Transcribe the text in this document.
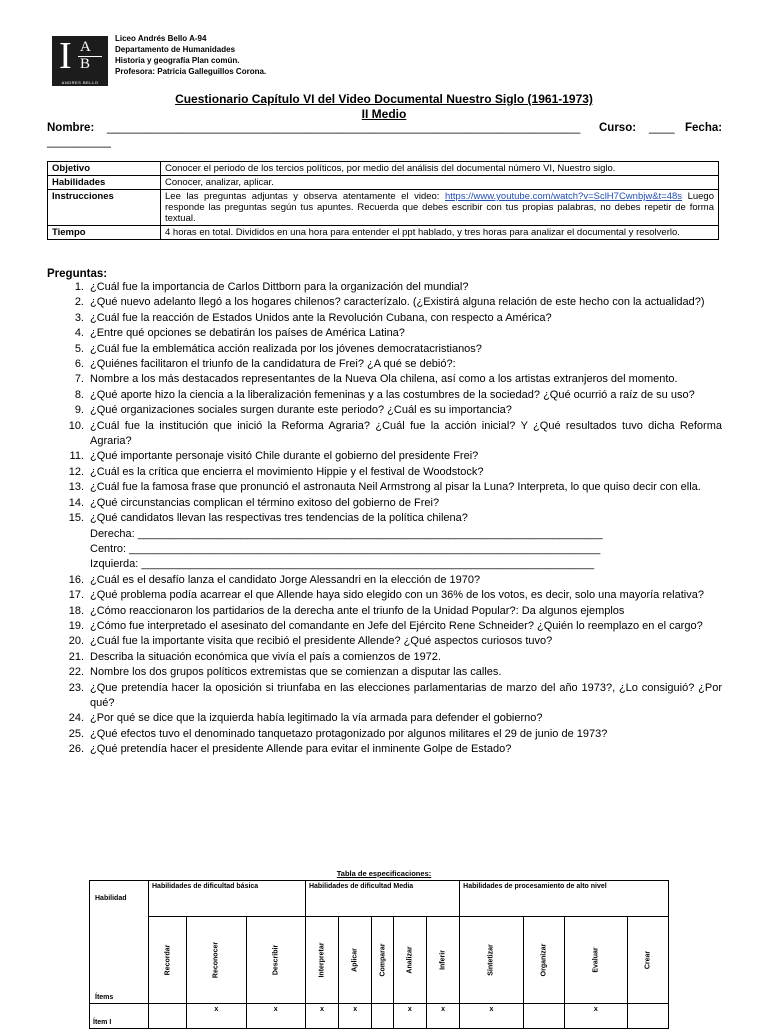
I A
B
ANDRES BELLO
Liceo Andrés Bello A-94
Departamento de Humanidades
Historia y geografía Plan común.
Profesora: Patricia Galleguillos Corona.
Cuestionario Capítulo VI del Video Documental Nuestro Siglo (1961-1973)
II Medio
Nombre: __________________________________________________________________________ Curso: ____ Fecha:
__________
Objetivo	Conocer el periodo de los tercios políticos, por medio del análisis del documental número VI, Nuestro siglo.
Habilidades	Conocer, analizar, aplicar.
Instrucciones	Lee las preguntas adjuntas y observa atentamente el video: https://www.youtube.com/watch?v=SclH7Cwnbjw&t=48s Luego responde las preguntas según tus apuntes. Recuerda que debes escribir con tus propias palabras, no debes repetir de forma textual.
Tiempo	4 horas en total. Divididos en una hora para entender el ppt hablado, y tres horas para analizar el documental y resolverlo.
Preguntas:
1. ¿Cuál fue la importancia de Carlos Dittborn para la organización del mundial?
2. ¿Qué nuevo adelanto llegó a los hogares chilenos? caracterízalo. (¿Existirá alguna relación de este hecho con la actualidad?)
3. ¿Cuál fue la reacción de Estados Unidos ante la Revolución Cubana, con respecto a América?
4. ¿Entre qué opciones se debatirán los países de América Latina?
5. ¿Cuál fue la emblemática acción realizada por los jóvenes democratacristianos?
6. ¿Quiénes facilitaron el triunfo de la candidatura de Frei? ¿A qué se debió?:
7. Nombre a los más destacados representantes de la Nueva Ola chilena, así como a los artistas extranjeros del momento.
8. ¿Qué aporte hizo la ciencia a la liberalización femeninas y a las costumbres de la sociedad? ¿Qué ocurrió a raíz de su uso?
9. ¿Qué organizaciones sociales surgen durante este periodo? ¿Cuál es su importancia?
10. ¿Cuál fue la institución que inició la Reforma Agraria? ¿Cuál fue la acción inicial? Y ¿Qué resultados tuvo dicha Reforma Agraria?
11. ¿Qué importante personaje visitó Chile durante el gobierno del presidente Frei?
12. ¿Cuál es la crítica que encierra el movimiento Hippie y el festival de Woodstock?
13. ¿Cuál fue la famosa frase que pronunció el astronauta Neil Armstrong al pisar la Luna? Interpreta, lo que quiso decir con ella.
14. ¿Qué circunstancias complican el término exitoso del gobierno de Frei?
15. ¿Qué candidatos llevan las respectivas tres tendencias de la política chilena?
Derecha: ____________________________________________________________________________
Centro: _____________________________________________________________________________
Izquierda: __________________________________________________________________________
16. ¿Cuál es el desafío lanza el candidato Jorge Alessandri en la elección de 1970?
17. ¿Qué problema podía acarrear el que Allende haya sido elegido con un 36% de los votos, es decir, solo una mayoría relativa?
18. ¿Cómo reaccionaron los partidarios de la derecha ante el triunfo de la Unidad Popular?: Da algunos ejemplos
19. ¿Cómo fue interpretado el asesinato del comandante en Jefe del Ejército Rene Schneider? ¿Quién lo reemplazo en el cargo?
20. ¿Cuál fue la importante visita que recibió el presidente Allende? ¿Qué aspectos curiosos tuvo?
21. Describa la situación económica que vivía el país a comienzos de 1972.
22. Nombre los dos grupos políticos extremistas que se comienzan a disputar las calles.
23. ¿Que pretendía hacer la oposición si triunfaba en las elecciones parlamentarias de marzo del año 1973?, ¿Lo consiguió? ¿Por qué?
24. ¿Por qué se dice que la izquierda había legitimado la vía armada para defender el gobierno?
25. ¿Qué efectos tuvo el denominado tanquetazo protagonizado por algunos militares el 29 de junio de 1973?
26. ¿Qué pretendía hacer el presidente Allende para evitar el inminente Golpe de Estado?
Tabla de especificaciones:
Habilidad
Ítems	Habilidades de dificultad básica			Habilidades de dificultad Media					Habilidades de procesamiento de alto nivel			

	Recordar	Reconocer	Describir	Interpretar	Aplicar	Comparar	Analizar	Inferir	Sintetizar	Organizar	Evaluar	Crear

Ítem I		x	x	x	x		x	x	x		x	
